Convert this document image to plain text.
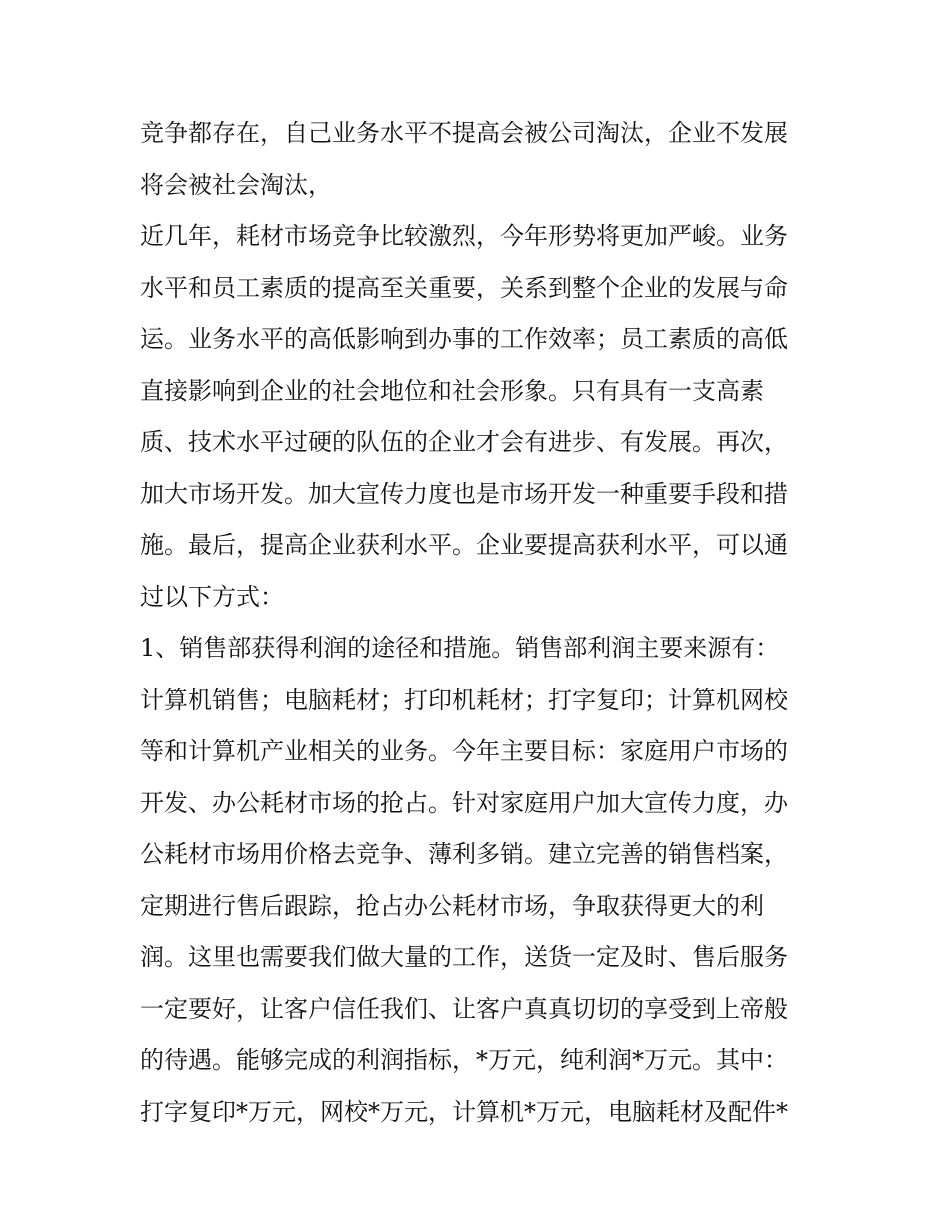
竞争都存在，自己业务水平不提高会被公司淘汰，企业不发展
将会被社会淘汰，
近几年，耗材市场竞争比较激烈，今年形势将更加严峻。业务
水平和员工素质的提高至关重要，关系到整个企业的发展与命
运。业务水平的高低影响到办事的工作效率；员工素质的高低
直接影响到企业的社会地位和社会形象。只有具有一支高素
质、技术水平过硬的队伍的企业才会有进步、有发展。再次，
加大市场开发。加大宣传力度也是市场开发一种重要手段和措
施。最后，提高企业获利水平。企业要提高获利水平，可以通
过以下方式：
1、销售部获得利润的途径和措施。销售部利润主要来源有：
计算机销售；电脑耗材；打印机耗材；打字复印；计算机网校
等和计算机产业相关的业务。今年主要目标：家庭用户市场的
开发、办公耗材市场的抢占。针对家庭用户加大宣传力度，办
公耗材市场用价格去竞争、薄利多销。建立完善的销售档案，
定期进行售后跟踪，抢占办公耗材市场，争取获得更大的利
润。这里也需要我们做大量的工作，送货一定及时、售后服务
一定要好，让客户信任我们、让客户真真切切的享受到上帝般
的待遇。能够完成的利润指标，*万元，纯利润*万元。其中：
打字复印*万元，网校*万元，计算机*万元，电脑耗材及配件*
